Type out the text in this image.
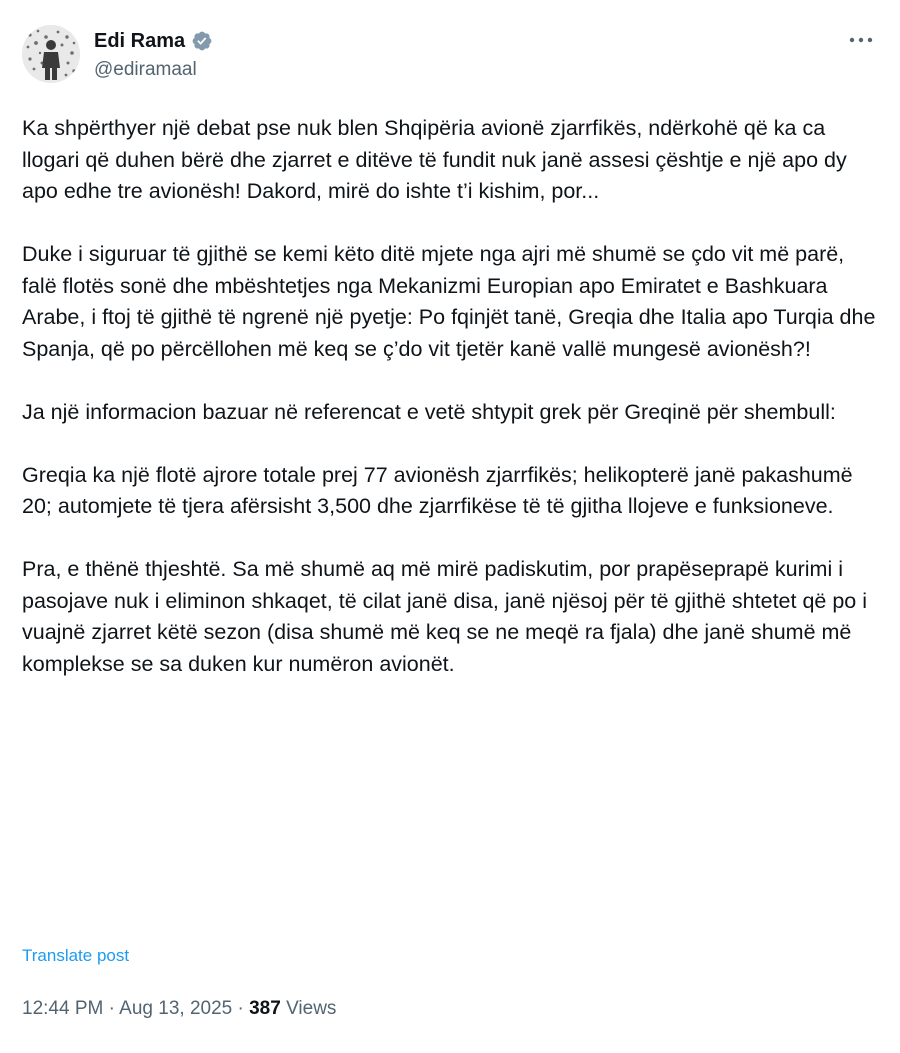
Edi Rama
@ediramaal

Ka shpërthyer një debat pse nuk blen Shqipëria avionë zjarrfikës, ndërkohë që ka ca llogari që duhen bërë dhe zjarret e ditëve të fundit nuk janë assesi çështje e një apo dy apo edhe tre avionësh! Dakord, mirë do ishte t’i kishim, por...

Duke i siguruar të gjithë se kemi këto ditë mjete nga ajri më shumë se çdo vit më parë, falë flotës sonë dhe mbështetjes nga Mekanizmi Europian apo Emiratet e Bashkuara Arabe, i ftoj të gjithë të ngrenë një pyetje: Po fqinjët tanë, Greqia dhe Italia apo Turqia dhe Spanja, që po përcëllohen më keq se ç’do vit tjetër kanë vallë mungesë avionësh?!

Ja një informacion bazuar në referencat e vetë shtypit grek për Greqinë për shembull:

Greqia ka një flotë ajrore totale prej 77 avionësh zjarrfikës; helikopterë janë pakashumë 20; automjete të tjera afërsisht 3,500 dhe zjarrfikëse të të gjitha llojeve e funksioneve.

Pra, e thënë thjeshtë. Sa më shumë aq më mirë padiskutim, por prapëseprapë kurimi i pasojave nuk i eliminon shkaqet, të cilat janë disa, janë njësoj për të gjithë shtetet që po i vuajnë zjarret këtë sezon (disa shumë më keq se ne meqë ra fjala) dhe janë shumë më komplekse se sa duken kur numëron avionët.

Translate post
12:44 PM · Aug 13, 2025 · 387 Views
